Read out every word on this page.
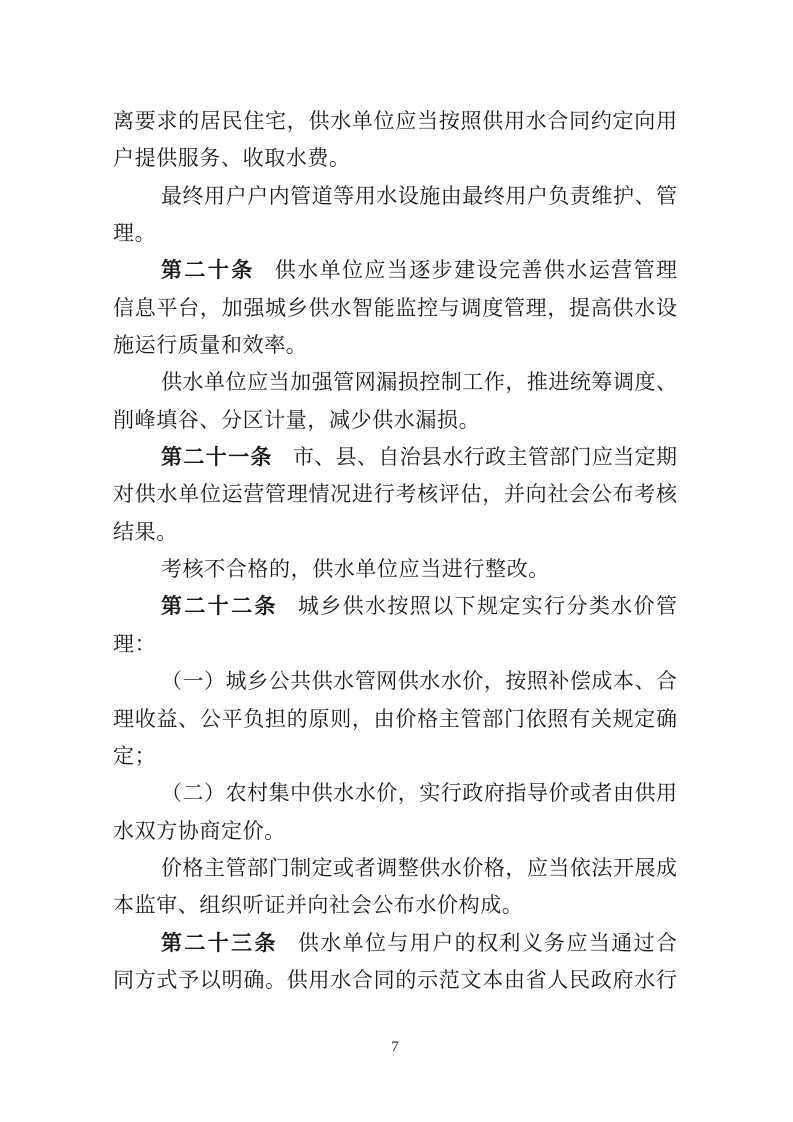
离要求的居民住宅，供水单位应当按照供用水合同约定向用
户提供服务、收取水费。
最终用户户内管道等用水设施由最终用户负责维护、管
理。
第二十条 供水单位应当逐步建设完善供水运营管理
信息平台，加强城乡供水智能监控与调度管理，提高供水设
施运行质量和效率。
供水单位应当加强管网漏损控制工作，推进统筹调度、
削峰填谷、分区计量，减少供水漏损。
第二十一条 市、县、自治县水行政主管部门应当定期
对供水单位运营管理情况进行考核评估，并向社会公布考核
结果。
考核不合格的，供水单位应当进行整改。
第二十二条 城乡供水按照以下规定实行分类水价管
理：
（一）城乡公共供水管网供水水价，按照补偿成本、合
理收益、公平负担的原则，由价格主管部门依照有关规定确
定；
（二）农村集中供水水价，实行政府指导价或者由供用
水双方协商定价。
价格主管部门制定或者调整供水价格，应当依法开展成
本监审、组织听证并向社会公布水价构成。
第二十三条 供水单位与用户的权利义务应当通过合
同方式予以明确。供用水合同的示范文本由省人民政府水行
7
